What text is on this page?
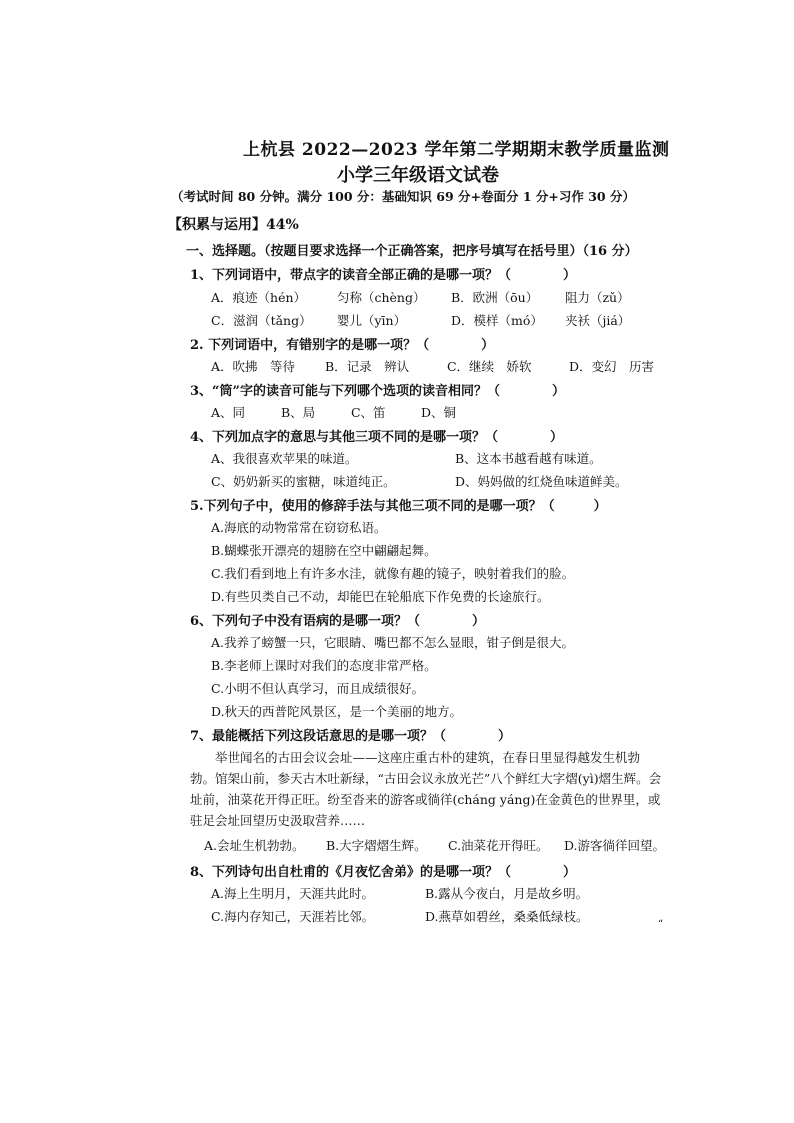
上杭县 2022—2023 学年第二学期期末教学质量监测
小学三年级语文试卷
（考试时间 80 分钟。满分 100 分：基础知识 69 分+卷面分 1 分+习作 30 分）
【积累与运用】44%
一、选择题。（按题目要求选择一个正确答案，把序号填写在括号里）（16 分）
1、下列词语中，带点字的读音全部正确的是哪一项？（　　　　）
A．痕迹（hén） 匀称（chèng） B．欧洲（ōu） 阻力（zǔ）
C．滋润（tǎng） 婴儿（yīn）	D．模样（mó） 夹袄（jiá）
2. 下列词语中，有错别字的是哪一项？（　　　　）
A．吹拂　等待 B．记录　辨认	C．继续　娇软	D．变幻　历害
3、“筒”字的读音可能与下列哪个选项的读音相同？（　　　　）
A、同	B、局	C、笛	D、铜
4、下列加点字的意思与其他三项不同的是哪一项？（　　　　）
A、我很喜欢苹果的味道。	B、这本书越看越有味道。
C、奶奶新买的蜜糖，味道纯正。	D、妈妈做的红烧鱼味道鲜美。
5.下列句子中，使用的修辞手法与其他三项不同的是哪一项？（　　　）
A.海底的动物常常在窃窃私语。
B.蝴蝶张开漂亮的翅膀在空中翩翩起舞。
C.我们看到地上有许多水洼，就像有趣的镜子，映射着我们的脸。
D.有些贝类自己不动，却能巴在轮船底下作免费的长途旅行。
6、下列句子中没有语病的是哪一项？（　　　　）
A.我养了螃蟹一只，它眼睛、嘴巴都不怎么显眼，钳子倒是很大。
B.李老师上课时对我们的态度非常严格。
C.小明不但认真学习，而且成绩很好。
D.秋天的西普陀风景区，是一个美丽的地方。
7、最能概括下列这段话意思的是哪一项？（　　　　）
举世闻名的古田会议会址——这座庄重古朴的建筑，在春日里显得越发生机勃勃。馆架山前，参天古木吐新绿，“古田会议永放光芒”八个鲜红大字熠(yì)熠生辉。会址前，油菜花开得正旺。纷至沓来的游客或徜徉(cháng yáng)在金黄色的世界里，或驻足会址回望历史汲取营养……
A.会址生机勃勃。 B.大字熠熠生辉。 C.油菜花开得旺。 D.游客徜徉回望。
8、下列诗句出自杜甫的《月夜忆舍弟》的是哪一项？（　　　　）
A.海上生明月，天涯共此时。	B.露从今夜白，月是故乡明。
C.海内存知己，天涯若比邻。	D.燕草如碧丝，桑桑低绿枝。
“
